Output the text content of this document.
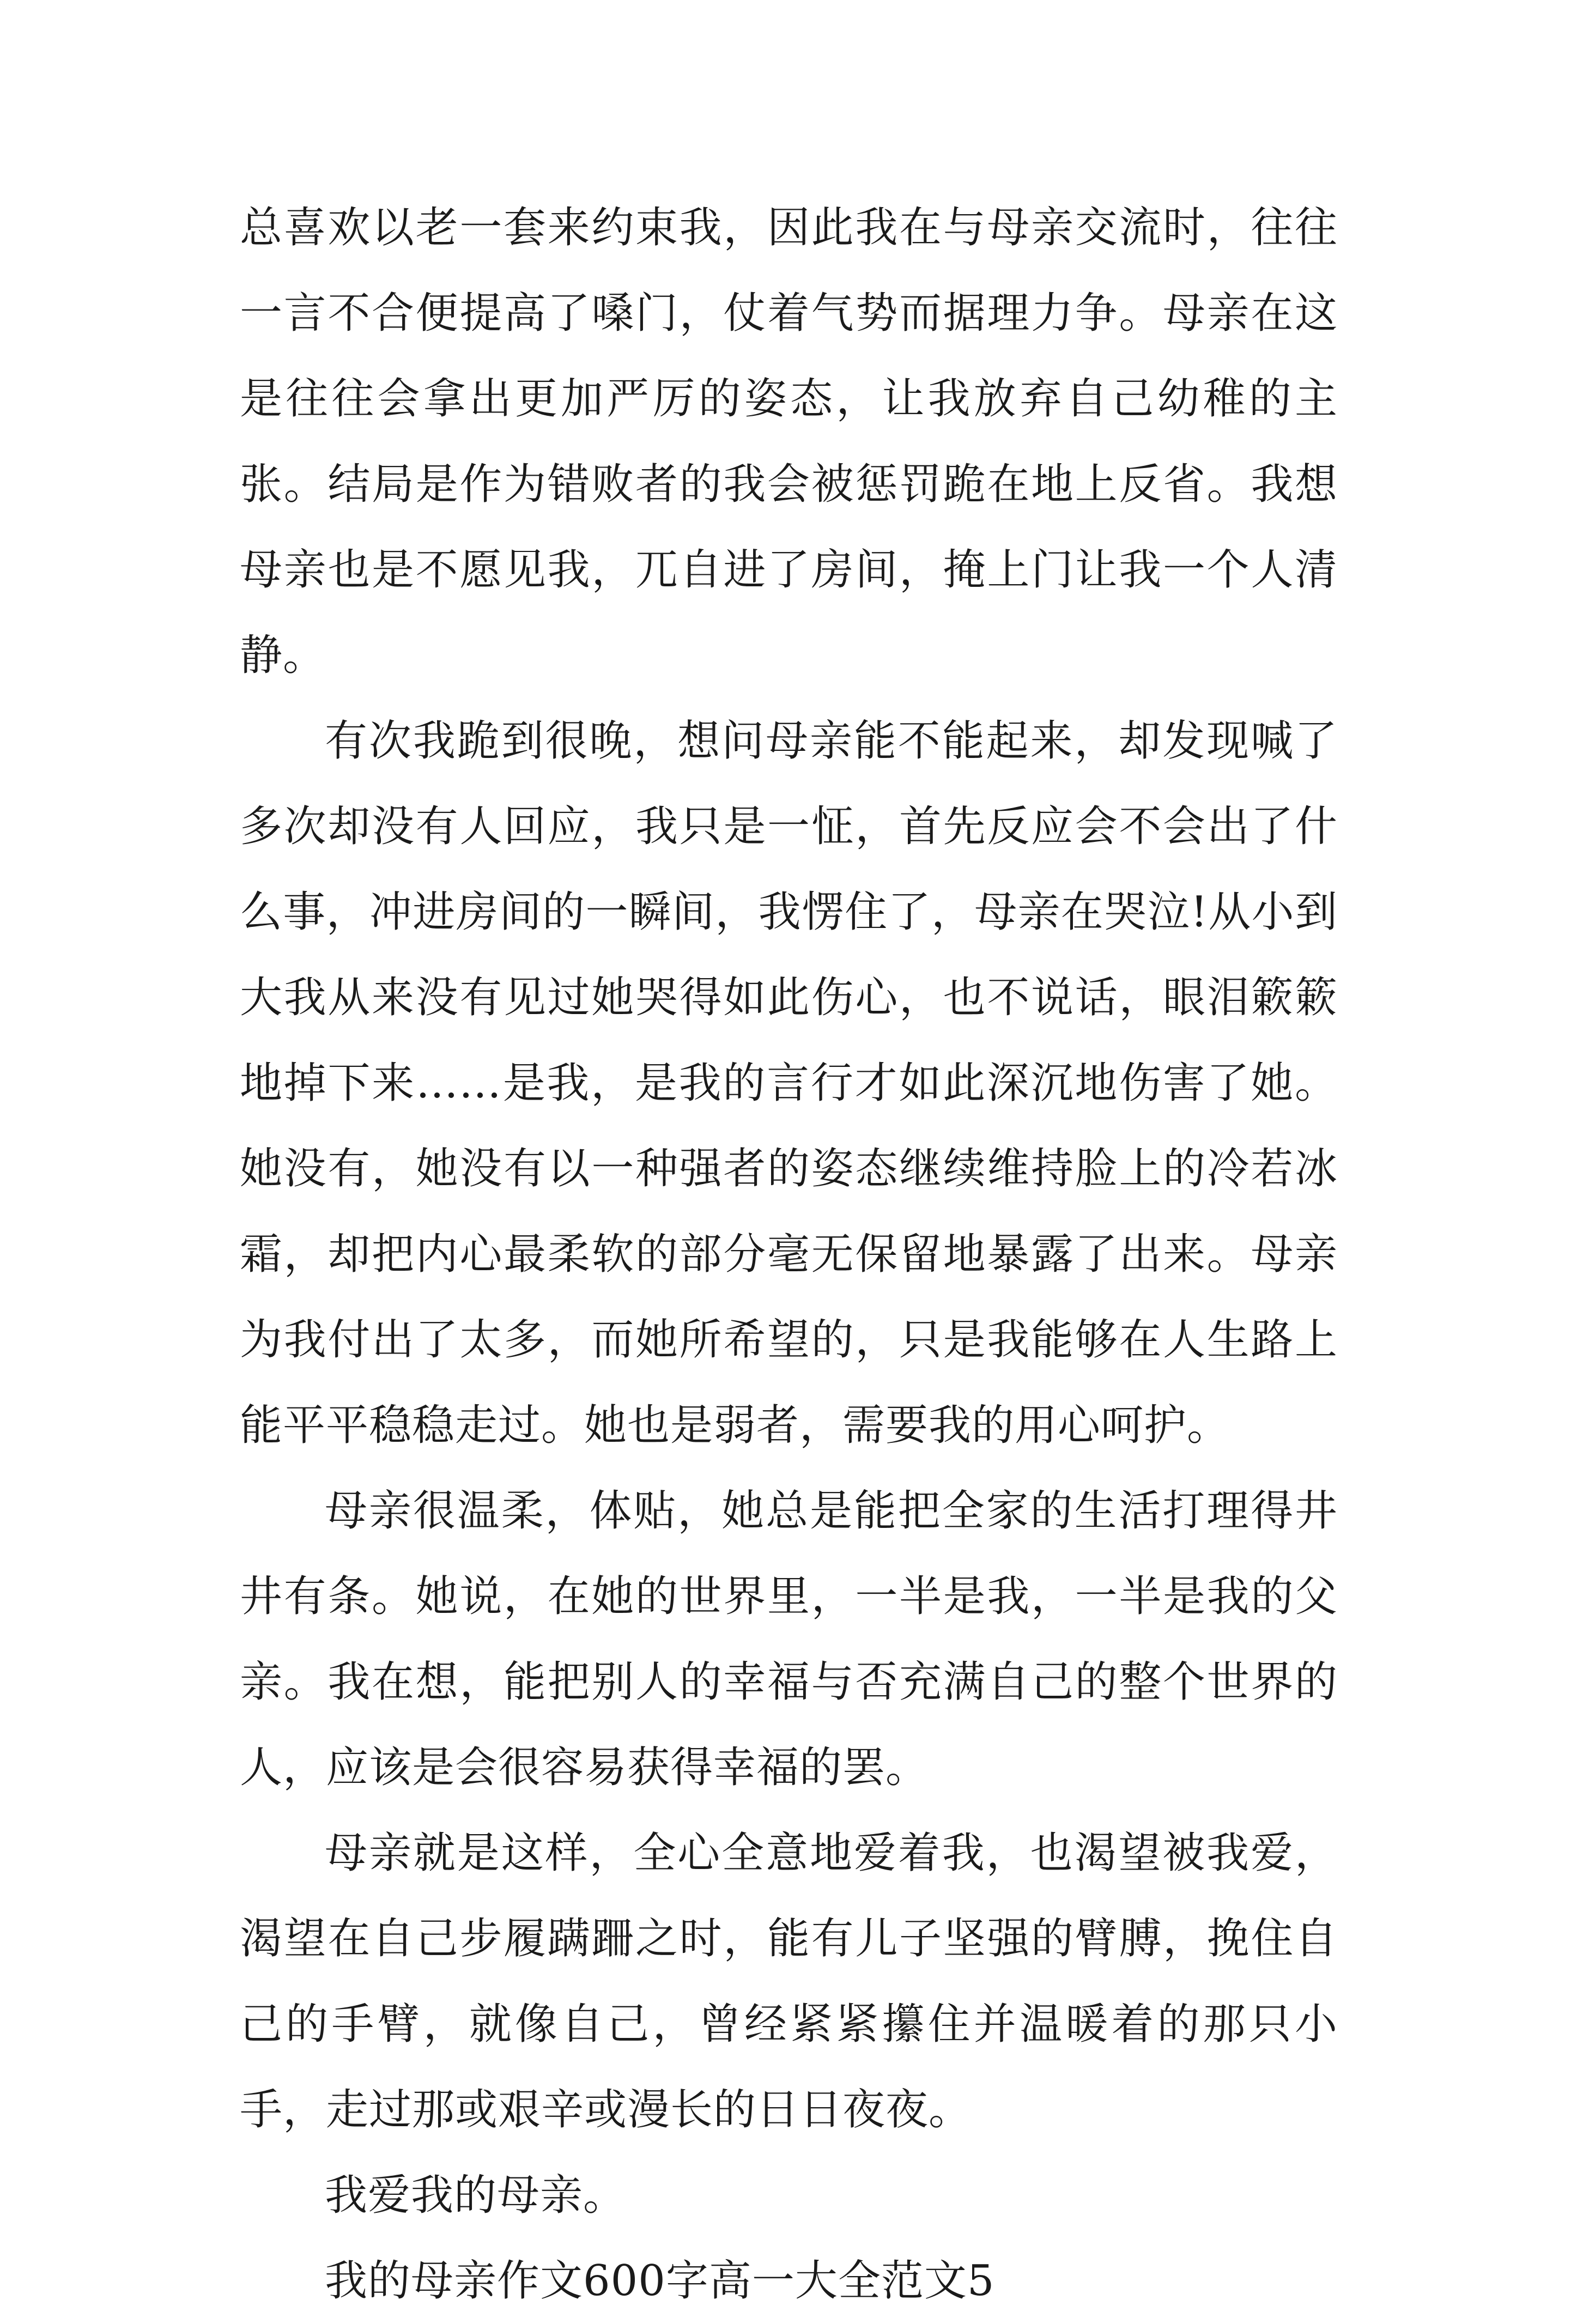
总喜欢以老一套来约束我，因此我在与母亲交流时，往往一言不合便提高了嗓门，仗着气势而据理力争。母亲在这是往往会拿出更加严厉的姿态，让我放弃自己幼稚的主张。结局是作为错败者的我会被惩罚跪在地上反省。我想母亲也是不愿见我，兀自进了房间，掩上门让我一个人清静。

有次我跪到很晚，想问母亲能不能起来，却发现喊了多次却没有人回应，我只是一怔，首先反应会不会出了什么事，冲进房间的一瞬间，我愣住了，母亲在哭泣!从小到大我从来没有见过她哭得如此伤心，也不说话，眼泪簌簌地掉下来……是我，是我的言行才如此深沉地伤害了她。她没有，她没有以一种强者的姿态继续维持脸上的冷若冰霜，却把内心最柔软的部分毫无保留地暴露了出来。母亲为我付出了太多，而她所希望的，只是我能够在人生路上能平平稳稳走过。她也是弱者，需要我的用心呵护。

母亲很温柔，体贴，她总是能把全家的生活打理得井井有条。她说，在她的世界里，一半是我，一半是我的父亲。我在想，能把别人的幸福与否充满自己的整个世界的人，应该是会很容易获得幸福的罢。

母亲就是这样，全心全意地爱着我，也渴望被我爱，渴望在自己步履蹒跚之时，能有儿子坚强的臂膊，挽住自己的手臂，就像自己，曾经紧紧攥住并温暖着的那只小手，走过那或艰辛或漫长的日日夜夜。

我爱我的母亲。

我的母亲作文600字高一大全范文5
